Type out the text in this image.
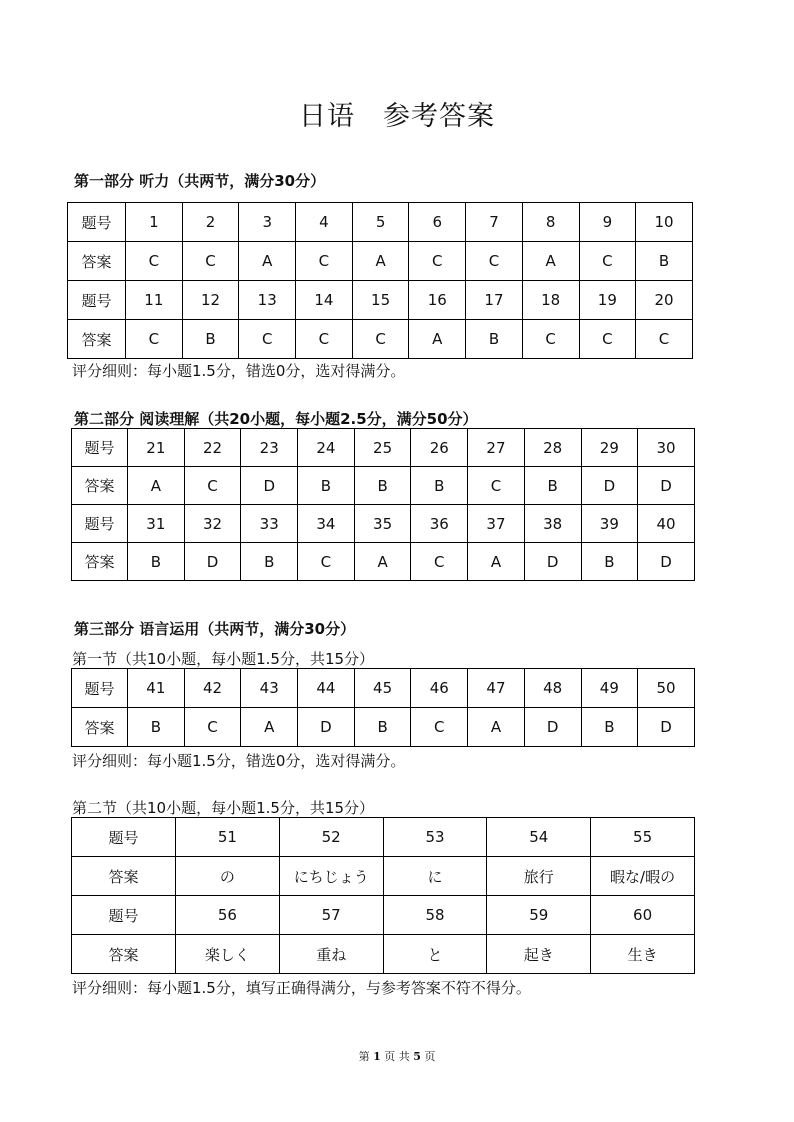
日语　参考答案
第一部分 听力（共两节，满分30分）
题号	1	2	3	4	5	6	7	8	9	10
答案	C	C	A	C	A	C	C	A	C	B
题号	11	12	13	14	15	16	17	18	19	20
答案	C	B	C	C	C	A	B	C	C	C
评分细则：每小题1.5分，错选0分，选对得满分。
第二部分 阅读理解（共20小题，每小题2.5分，满分50分）
题号	21	22	23	24	25	26	27	28	29	30
答案	A	C	D	B	B	B	C	B	D	D
题号	31	32	33	34	35	36	37	38	39	40
答案	B	D	B	C	A	C	A	D	B	D
第三部分 语言运用（共两节，满分30分）
第一节（共10小题，每小题1.5分，共15分）
题号	41	42	43	44	45	46	47	48	49	50
答案	B	C	A	D	B	C	A	D	B	D
评分细则：每小题1.5分，错选0分，选对得满分。
第二节（共10小题，每小题1.5分，共15分）
题号	51	52	53	54	55
答案	の	にちじょう	に	旅行	暇な/暇の
题号	56	57	58	59	60
答案	楽しく	重ね	と	起き	生き
评分细则：每小题1.5分，填写正确得满分，与参考答案不符不得分。
第 1 页 共 5 页
